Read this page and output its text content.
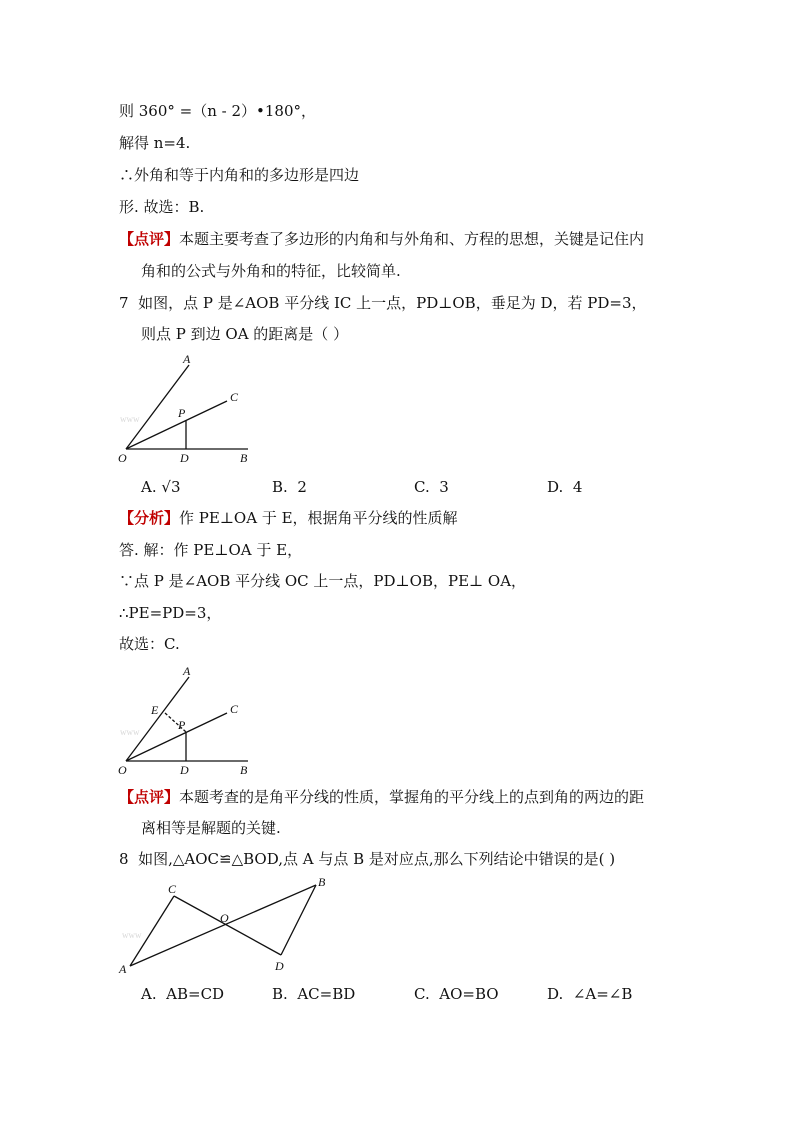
则 360° =（n - 2）•180°，
解得 n=4.
∴外角和等于内角和的多边形是四边
形. 故选：B.
【点评】本题主要考查了多边形的内角和与外角和、方程的思想，关键是记住内
角和的公式与外角和的特征，比较简单.
7 如图，点 P 是∠AOB 平分线 IC 上一点，PD⊥OB，垂足为 D，若 PD=3，
则点 P 到边 OA 的距离是（ ）
www
A
C
P
O	D	B
A. √3	B. 2	C. 3	D. 4
【分析】作 PE⊥OA 于 E，根据角平分线的性质解
答. 解：作 PE⊥OA 于 E，
∵点 P 是∠AOB 平分线 OC 上一点，PD⊥OB，PE⊥ OA，
∴PE=PD=3，
故选：C.
www
A
C
P
E
O	D	B
【点评】本题考查的是角平分线的性质，掌握角的平分线上的点到角的两边的距
离相等是解题的关键.
8 如图,△AOC≌△BOD,点 A 与点 B 是对应点,那么下列结论中错误的是( )
www
A
B
C
D
O
A. AB=CD	B. AC=BD	C. AO=BO	D. ∠A=∠B
